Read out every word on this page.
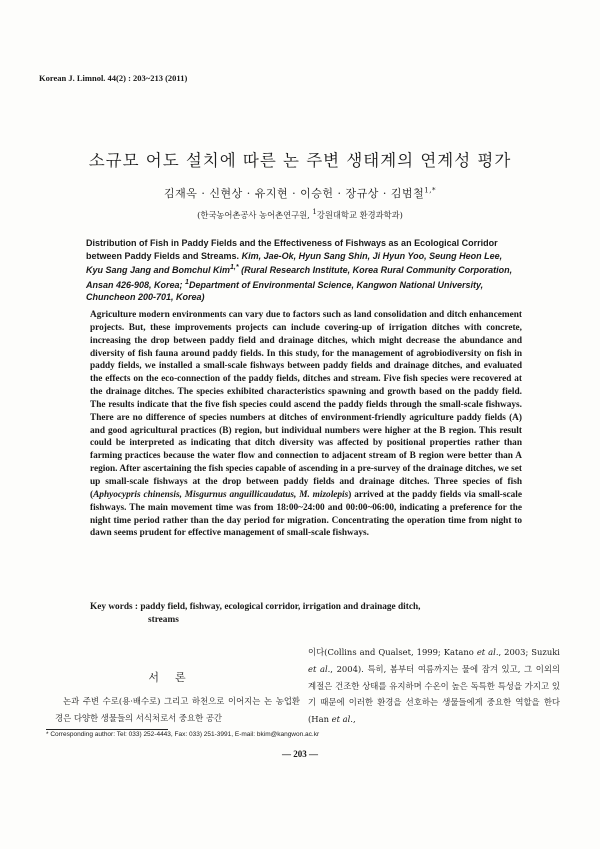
Korean J. Limnol. 44(2) : 203~213 (2011)
소규모 어도 설치에 따른 논 주변 생태계의 연계성 평가
김재옥 · 신현상 · 유지현 · 이승헌 · 장규상 · 김범철$^{1,*}$
(한국농어촌공사 농어촌연구원, $^1$강원대학교 환경과학과)
Distribution of Fish in Paddy Fields and the Effectiveness of Fishways as an Ecological Corridor between Paddy Fields and Streams. Kim, Jae-Ok, Hyun Sang Shin, Ji Hyun Yoo, Seung Heon Lee, Kyu Sang Jang and Bomchul Kim$^{1,*}$ (Rural Research Institute, Korea Rural Community Corporation, Ansan 426-908, Korea; $^1$Department of Environmental Science, Kangwon National University, Chuncheon 200-701, Korea)

Agriculture modern environments can vary due to factors such as land consolidation and ditch enhancement projects. But, these improvements projects can include covering-up of irrigation ditches with concrete, increasing the drop between paddy field and drainage ditches, which might decrease the abundance and diversity of fish fauna around paddy fields. In this study, for the management of agrobiodiversity on fish in paddy fields, we installed a small-scale fishways between paddy fields and drainage ditches, and evaluated the effects on the eco-connection of the paddy fields, ditches and stream. Five fish species were recovered at the drainage ditches. The species exhibited characteristics spawning and growth based on the paddy field. The results indicate that the five fish species could ascend the paddy fields through the small-scale fishways. There are no difference of species numbers at ditches of environment-friendly agriculture paddy fields (A) and good agricultural practices (B) region, but individual numbers were higher at the B region. This result could be interpreted as indicating that ditch diversity was affected by positional properties rather than farming practices because the water flow and connection to adjacent stream of B region were better than A region. After ascertaining the fish species capable of ascending in a pre-survey of the drainage ditches, we set up small-scale fishways at the drop between paddy fields and drainage ditches. Three species of fish (Aphyocypris chinensis, Misgurnus anguillicaudatus, M. mizolepis) arrived at the paddy fields via small-scale fishways. The main movement time was from 18:00~24:00 and 00:00~06:00, indicating a preference for the night time period rather than the day period for migration. Concentrating the operation time from night to dawn seems prudent for effective management of small-scale fishways.

Key words : paddy field, fishway, ecological corridor, irrigation and drainage ditch,
streams
서론

논과 주변 수로(용·배수로) 그리고 하천으로 이어지는 논 농업환경은 다양한 생물들의 서식처로서 중요한 공간

이다(Collins and Qualset, 1999; Katano et al., 2003; Suzuki et al., 2004). 특히, 봄부터 여름까지는 물에 잠겨 있고, 그 이외의 계절은 건조한 상태를 유지하며 수온이 높은 독특한 특성을 가지고 있기 때문에 이러한 환경을 선호하는 생물들에게 중요한 역할을 한다(Han et al.,

* Corresponding author: Tel: 033) 252-4443, Fax: 033) 251-3991, E-mail: bkim@kangwon.ac.kr
— 203 —
